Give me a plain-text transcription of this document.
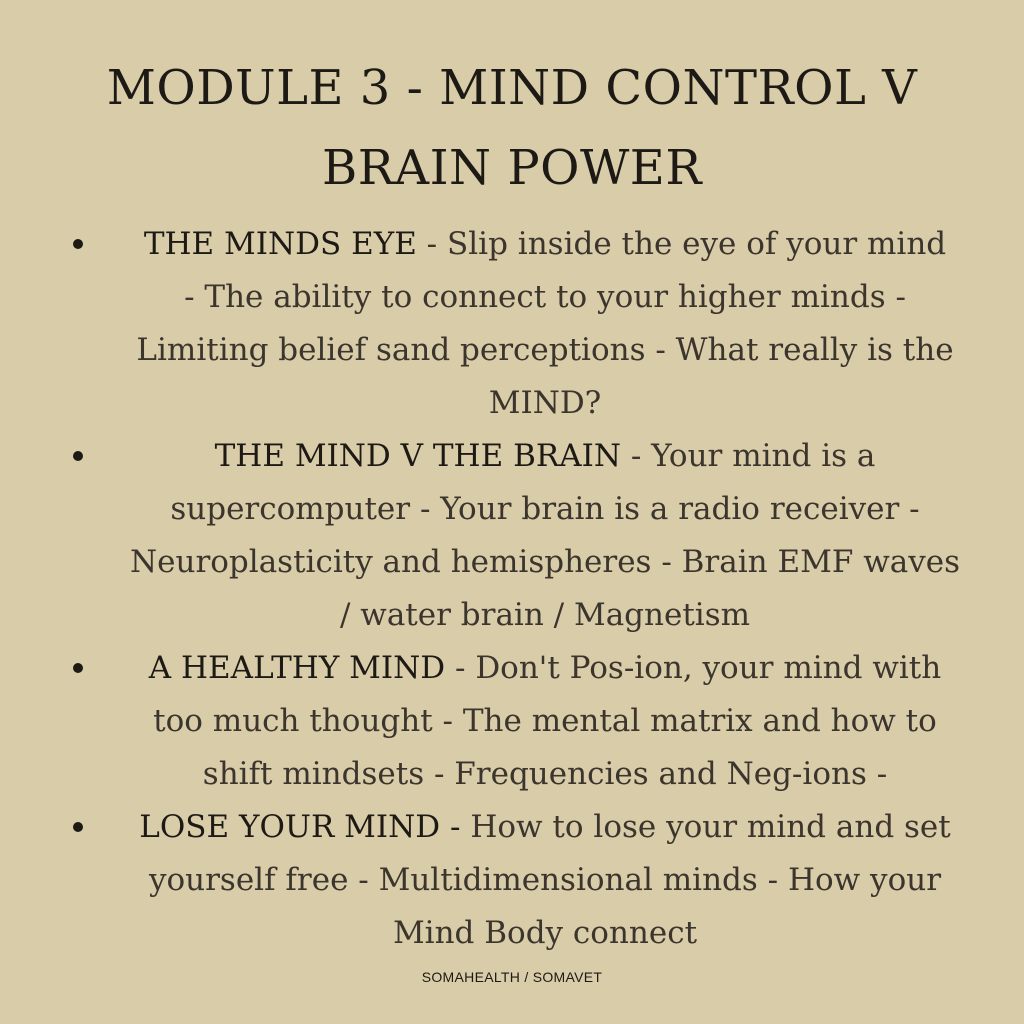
MODULE 3 - MIND CONTROL V
BRAIN POWER
THE MINDS EYE - Slip inside the eye of your mind
- The ability to connect to your higher minds -
Limiting belief sand perceptions - What really is the
MIND?
THE MIND V THE BRAIN - Your mind is a
supercomputer - Your brain is a radio receiver -
Neuroplasticity and hemispheres - Brain EMF waves
/ water brain / Magnetism
A HEALTHY MIND - Don't Pos-ion, your mind with
too much thought - The mental matrix and how to
shift mindsets - Frequencies and Neg-ions -
LOSE YOUR MIND - How to lose your mind and set
yourself free - Multidimensional minds - How your
Mind Body connect
SOMAHEALTH / SOMAVET
